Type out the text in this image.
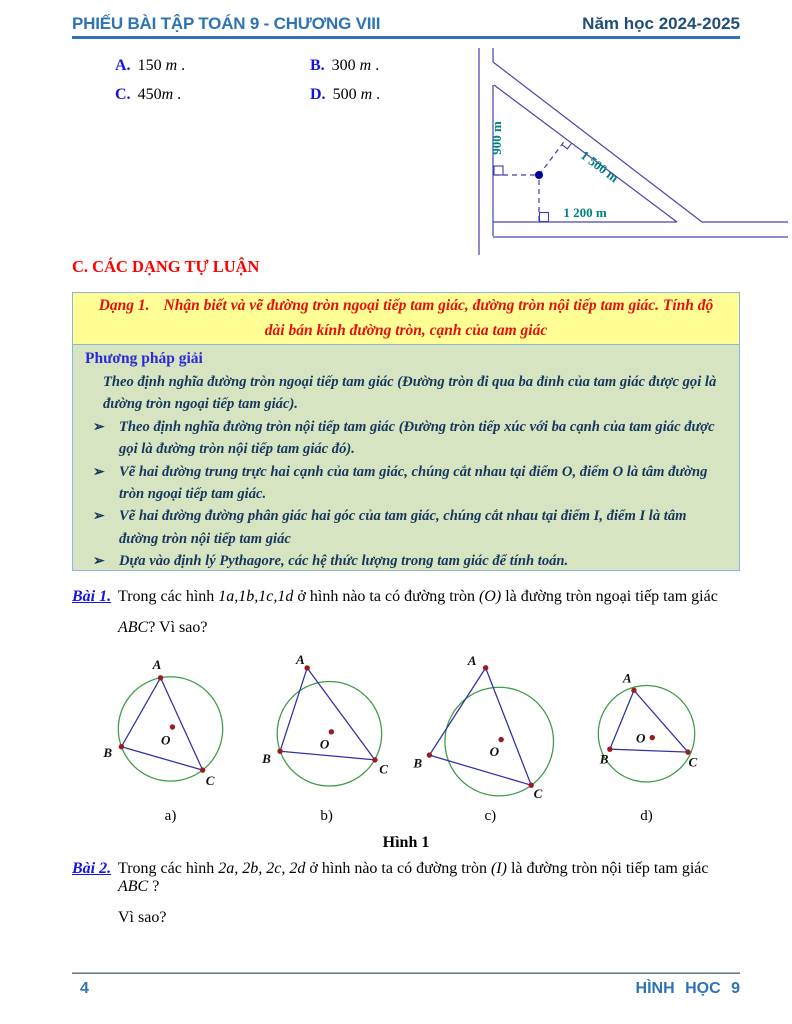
PHIẾU BÀI TẬP TOÁN 9 - CHƯƠNG VIII	Năm học 2024-2025
A. 150 m .	B. 300 m .
C. 450m .	D. 500 m .
900 m
1 500 m
1 200 m
C. CÁC DẠNG TỰ LUẬN

Dạng 1. Nhận biết và vẽ đường tròn ngoại tiếp tam giác, đường tròn nội tiếp tam giác. Tính độ dài bán kính đường tròn, cạnh của tam giác

Phương pháp giải
Theo định nghĩa đường tròn ngoại tiếp tam giác (Đường tròn đi qua ba đỉnh của tam giác được gọi là đường tròn ngoại tiếp tam giác).
➢ Theo định nghĩa đường tròn nội tiếp tam giác (Đường tròn tiếp xúc với ba cạnh của tam giác được gọi là đường tròn nội tiếp tam giác đó).
➢ Vẽ hai đường trung trực hai cạnh của tam giác, chúng cắt nhau tại điểm O, điểm O là tâm đường tròn ngoại tiếp tam giác.
➢ Vẽ hai đường đường phân giác hai góc của tam giác, chúng cắt nhau tại điểm I, điểm I là tâm đường tròn nội tiếp tam giác
➢ Dựa vào định lý Pythagore, các hệ thức lượng trong tam giác để tính toán.
Bài 1. Trong các hình 1a,1b,1c,1d ở hình nào ta có đường tròn (O) là đường tròn ngoại tiếp tam giác
ABC? Vì sao?
A
B
C
O
a)
A
B
C
O
b)
A
B
C
O
c)
A
B	C
O
d)
Hình 1
Bài 2. Trong các hình 2a, 2b, 2c, 2d ở hình nào ta có đường tròn (I) là đường tròn nội tiếp tam giác ABC ?
Vì sao?
4	HÌNH HỌC 9
